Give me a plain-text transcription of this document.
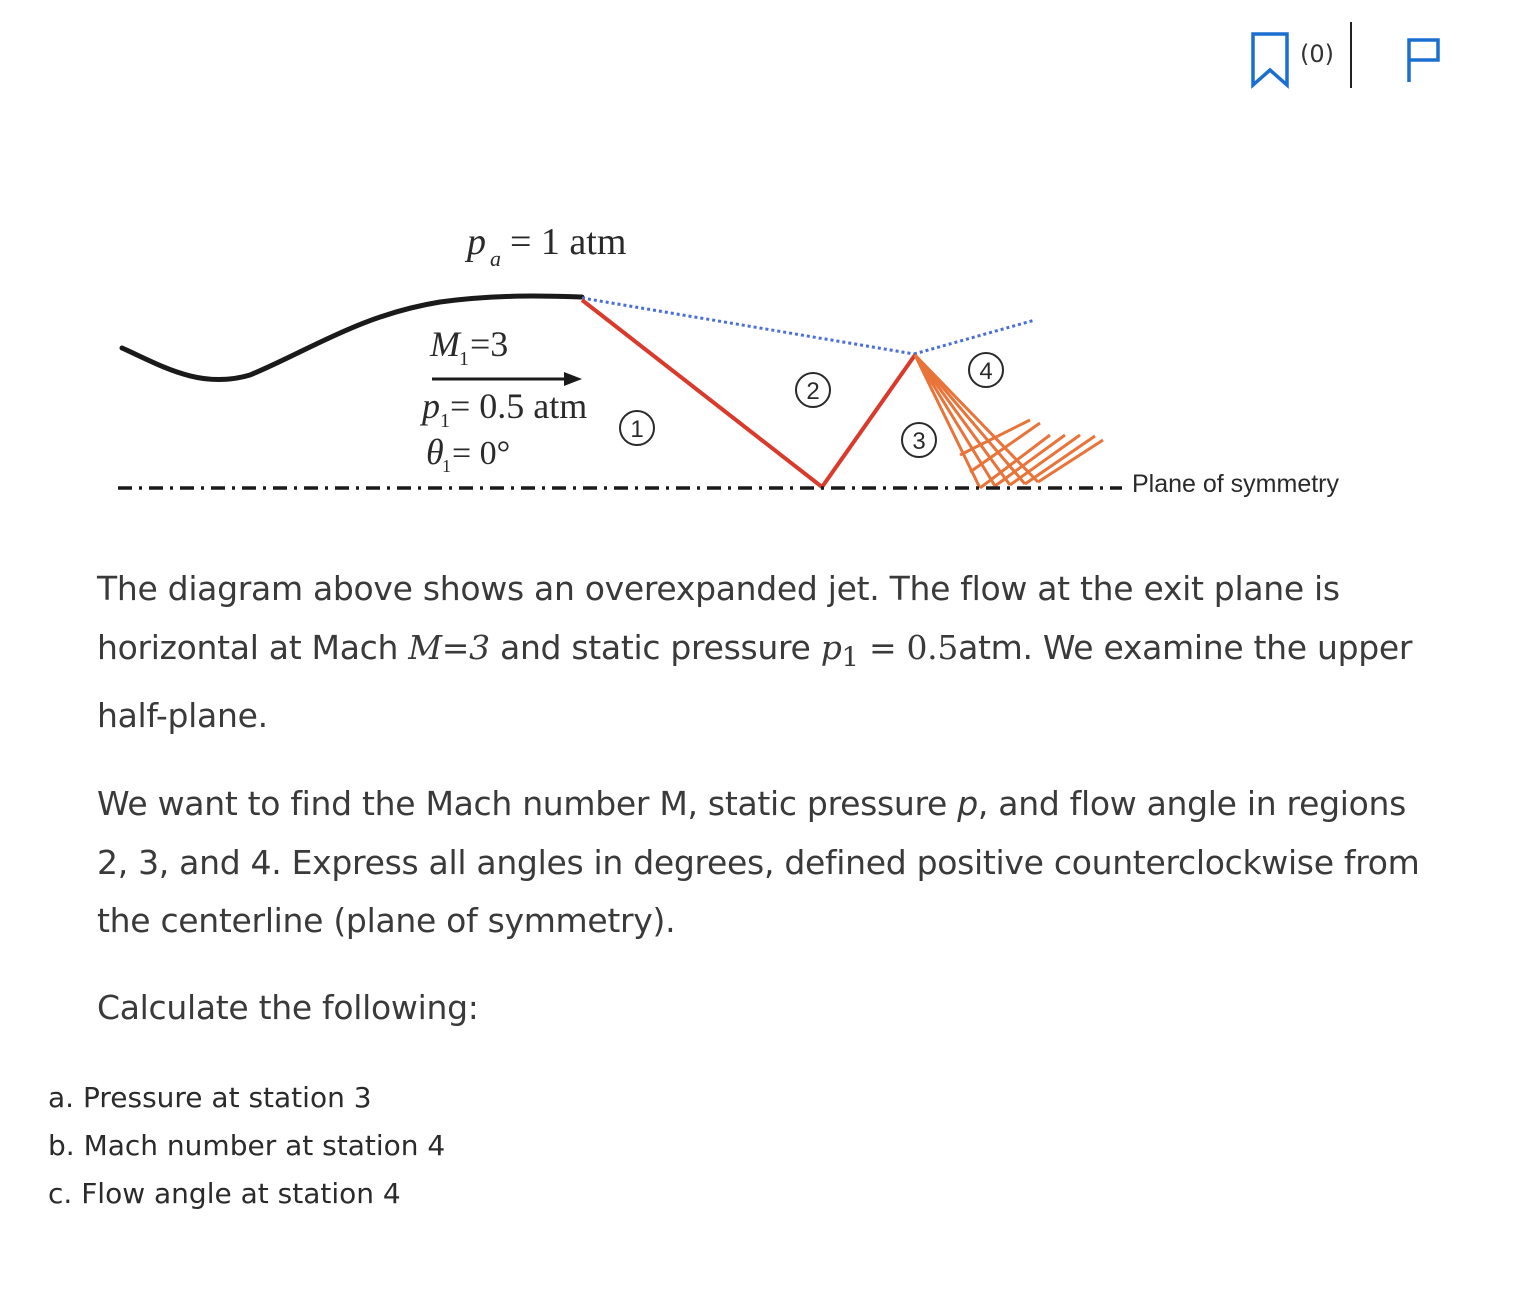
(0)
p a = 1 atm
M 1 =3
p 1 = 0.5 atm
θ
1 = 0°
1
2
3
4
Plane of symmetry

The diagram above shows an overexpanded jet. The flow at the exit plane is horizontal at Mach M=3 and static pressure $p_1 = 0.5atm$. We examine the upper half-plane.

We want to find the Mach number M, static pressure p, and flow angle in regions 2, 3, and 4. Express all angles in degrees, defined positive counterclockwise from the centerline (plane of symmetry).

Calculate the following:

a. Pressure at station 3
b. Mach number at station 4
c. Flow angle at station 4
